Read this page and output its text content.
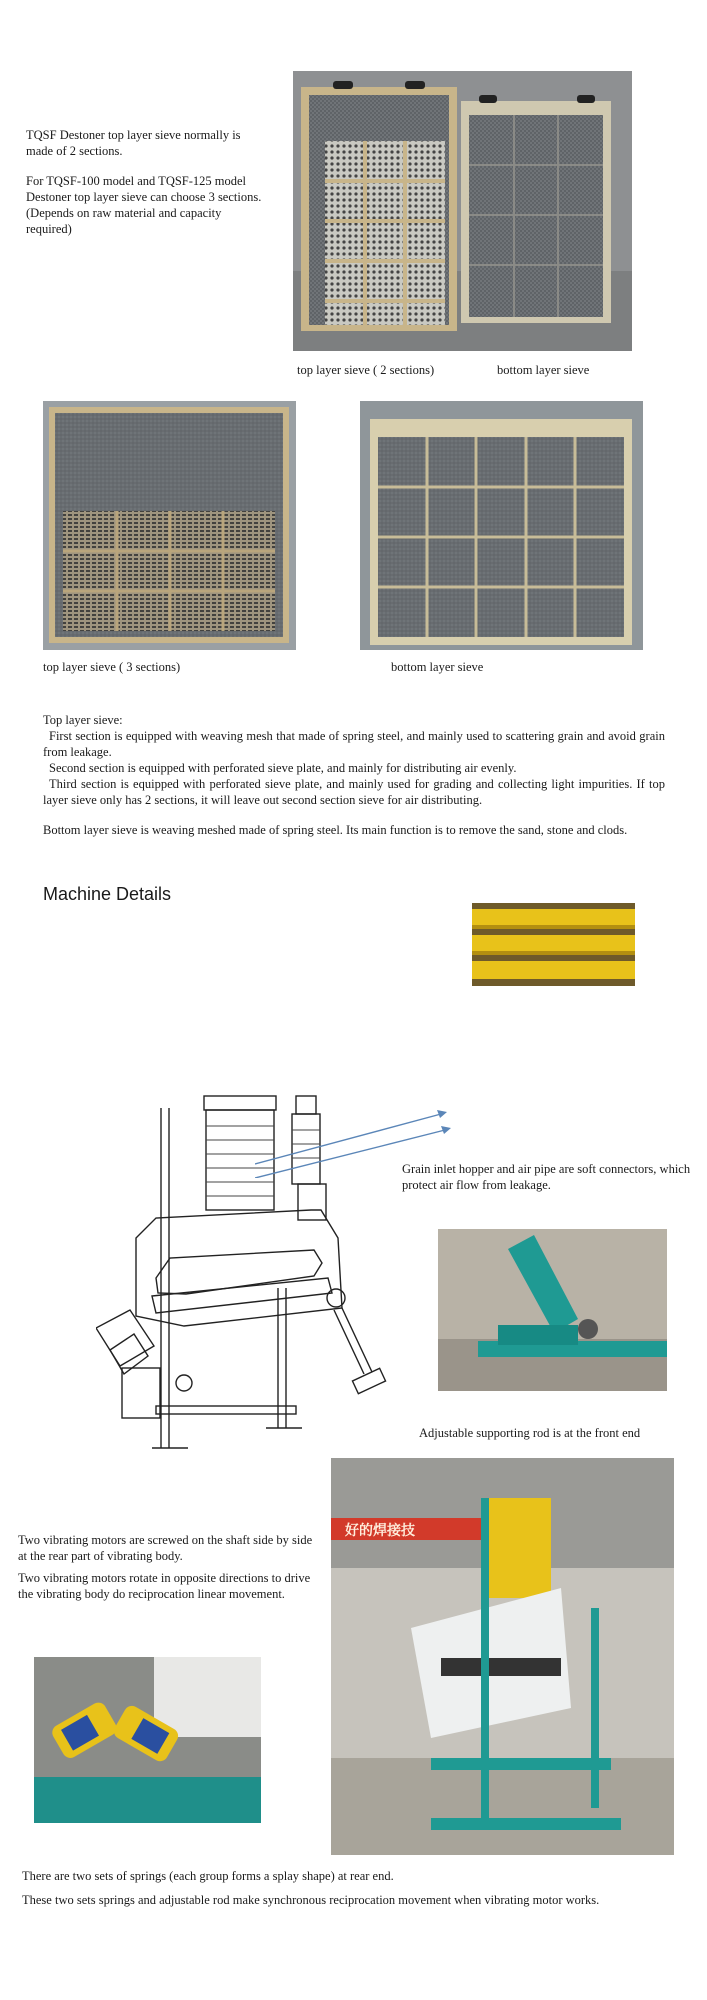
TQSF Destoner top layer sieve normally is made of 2 sections.

For TQSF-100 model and TQSF-125 model Destoner top layer sieve can choose 3 sections.

(Depends on raw material and capacity required)

top layer sieve ( 2 sections)	bottom layer sieve
top layer sieve ( 3 sections)	bottom layer sieve
Top layer sieve:
First section is equipped with weaving mesh that made of spring steel, and mainly used to scattering grain and avoid grain from leakage.
Second section is equipped with perforated sieve plate, and mainly for distributing air evenly.
Third section is equipped with perforated sieve plate, and mainly used for grading and collecting light impurities. If top layer sieve only has 2 sections, it will leave out second section sieve for air distributing.
Bottom layer sieve is weaving meshed made of spring steel. Its main function is to remove the sand, stone and clods.
Machine Details
Grain inlet hopper and air pipe are soft connectors, which protect air flow from leakage.
Adjustable supporting rod is at the front end
Two vibrating motors are screwed on the shaft side by side at the rear part of vibrating body.
Two vibrating motors rotate in opposite directions to drive the vibrating body do reciprocation linear movement.
好的焊接技
There are two sets of springs (each group forms a splay shape) at rear end.
These two sets springs and adjustable rod make synchronous reciprocation movement when vibrating motor works.
